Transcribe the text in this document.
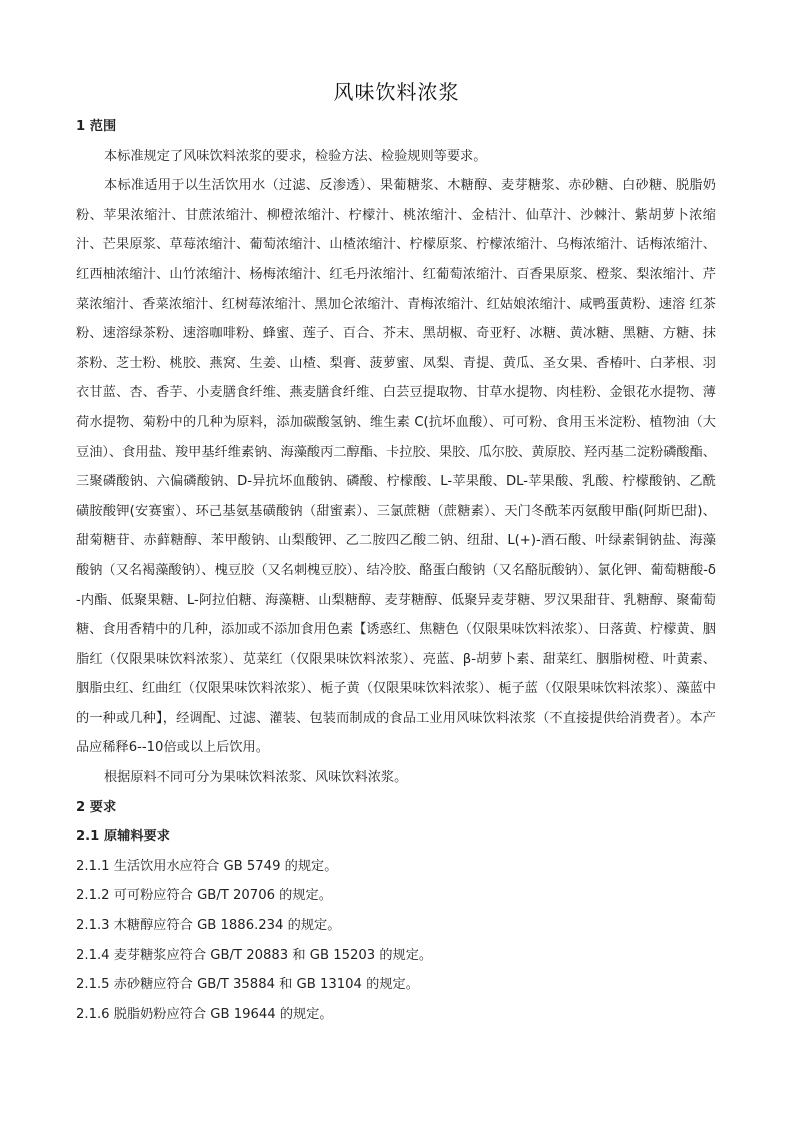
风味饮料浓浆

1 范围

本标准规定了风味饮料浓浆的要求，检验方法、检验规则等要求。

本标准适用于以生活饮用水（过滤、反渗透）、果葡糖浆、木糖醇、麦芽糖浆、赤砂糖、白砂糖、脱脂奶粉、苹果浓缩汁、甘蔗浓缩汁、柳橙浓缩汁、柠檬汁、桃浓缩汁、金桔汁、仙草汁、沙棘汁、紫胡萝卜浓缩汁、芒果原浆、草莓浓缩汁、葡萄浓缩汁、山楂浓缩汁、柠檬原浆、柠檬浓缩汁、乌梅浓缩汁、话梅浓缩汁、红西柚浓缩汁、山竹浓缩汁、杨梅浓缩汁、红毛丹浓缩汁、红葡萄浓缩汁、百香果原浆、橙浆、梨浓缩汁、芹菜浓缩汁、香菜浓缩汁、红树莓浓缩汁、黑加仑浓缩汁、青梅浓缩汁、红姑娘浓缩汁、咸鸭蛋黄粉、速溶 红茶粉、速溶绿茶粉、速溶咖啡粉、蜂蜜、莲子、百合、芥末、黑胡椒、奇亚籽、冰糖、黄冰糖、黑糖、方糖、抹茶粉、芝士粉、桃胶、燕窝、生姜、山楂、梨膏、菠萝蜜、凤梨、青提、黄瓜、圣女果、香椿叶、白茅根、羽衣甘蓝、杏、香芋、小麦膳食纤维、燕麦膳食纤维、白芸豆提取物、甘草水提物、肉桂粉、金银花水提物、薄荷水提物、菊粉中的几种为原料，添加碳酸氢钠、维生素 C(抗坏血酸）、可可粉、食用玉米淀粉、植物油（大豆油）、食用盐、羧甲基纤维素钠、海藻酸丙二醇酯、卡拉胶、果胶、瓜尔胶、黄原胶、羟丙基二淀粉磷酸酯、三聚磷酸钠、六偏磷酸钠、D-异抗坏血酸钠、磷酸、柠檬酸、L-苹果酸、DL-苹果酸、乳酸、柠檬酸钠、乙酰磺胺酸钾(安赛蜜）、环己基氨基磺酸钠（甜蜜素）、三氯蔗糖（蔗糖素）、天门冬酰苯丙氨酸甲酯(阿斯巴甜)、甜菊糖苷、赤藓糖醇、苯甲酸钠、山梨酸钾、乙二胺四乙酸二钠、纽甜、L(+)-酒石酸、叶绿素铜钠盐、海藻酸钠（又名褐藻酸钠）、槐豆胶（又名刺槐豆胶）、结冷胶、酪蛋白酸钠（又名酪朊酸钠）、氯化钾、葡萄糖酸-δ-内酯、低聚果糖、L-阿拉伯糖、海藻糖、山梨糖醇、麦芽糖醇、低聚异麦芽糖、罗汉果甜苷、乳糖醇、聚葡萄糖、食用香精中的几种，添加或不添加食用色素【诱惑红、焦糖色（仅限果味饮料浓浆）、日落黄、柠檬黄、胭脂红（仅限果味饮料浓浆）、苋菜红（仅限果味饮料浓浆）、亮蓝、β-胡萝卜素、甜菜红、胭脂树橙、叶黄素、胭脂虫红、红曲红（仅限果味饮料浓浆）、栀子黄（仅限果味饮料浓浆）、栀子蓝（仅限果味饮料浓浆）、藻蓝中的一种或几种】，经调配、过滤、灌装、包装而制成的食品工业用风味饮料浓浆（不直接提供给消费者）。本产品应稀释6--10倍或以上后饮用。

根据原料不同可分为果味饮料浓浆、风味饮料浓浆。

2 要求

2.1 原辅料要求

2.1.1 生活饮用水应符合 GB 5749 的规定。

2.1.2 可可粉应符合 GB/T 20706 的规定。

2.1.3 木糖醇应符合 GB 1886.234 的规定。

2.1.4 麦芽糖浆应符合 GB/T 20883 和 GB 15203 的规定。

2.1.5 赤砂糖应符合 GB/T 35884 和 GB 13104 的规定。

2.1.6 脱脂奶粉应符合 GB 19644 的规定。
